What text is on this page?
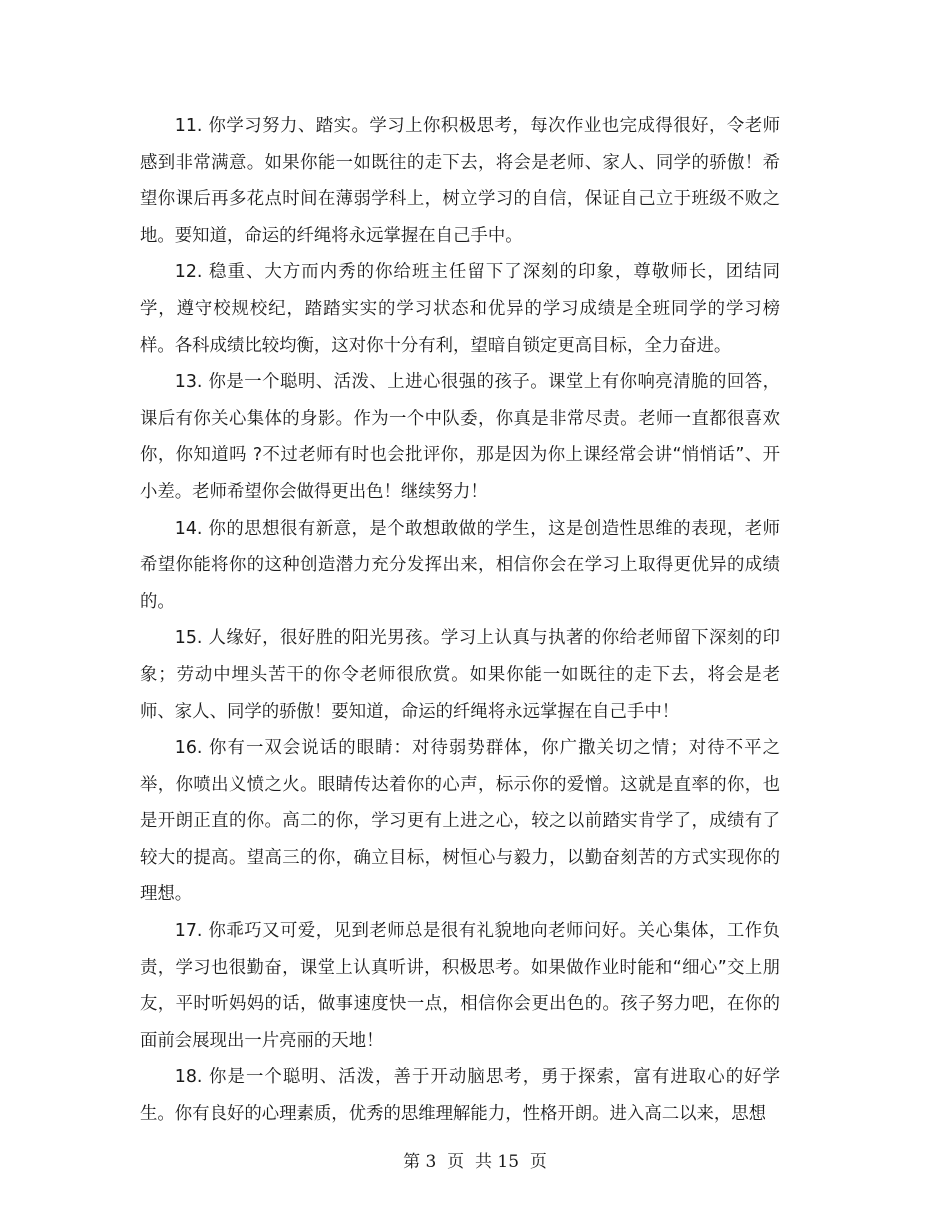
11. 你学习努力、踏实。学习上你积极思考，每次作业也完成得很好，令老师感到非常满意。如果你能一如既往的走下去，将会是老师、家人、同学的骄傲！希望你课后再多花点时间在薄弱学科上，树立学习的自信，保证自己立于班级不败之地。要知道，命运的纤绳将永远掌握在自己手中。

12. 稳重、大方而内秀的你给班主任留下了深刻的印象，尊敬师长，团结同学，遵守校规校纪，踏踏实实的学习状态和优异的学习成绩是全班同学的学习榜样。各科成绩比较均衡，这对你十分有利，望暗自锁定更高目标，全力奋进。

13. 你是一个聪明、活泼、上进心很强的孩子。课堂上有你响亮清脆的回答，课后有你关心集体的身影。作为一个中队委，你真是非常尽责。老师一直都很喜欢你，你知道吗 ?不过老师有时也会批评你，那是因为你上课经常会讲“悄悄话”、开小差。老师希望你会做得更出色！继续努力！

14. 你的思想很有新意，是个敢想敢做的学生，这是创造性思维的表现，老师希望你能将你的这种创造潜力充分发挥出来，相信你会在学习上取得更优异的成绩的。

15. 人缘好，很好胜的阳光男孩。学习上认真与执著的你给老师留下深刻的印象；劳动中埋头苦干的你令老师很欣赏。如果你能一如既往的走下去，将会是老师、家人、同学的骄傲！要知道，命运的纤绳将永远掌握在自己手中！

16. 你有一双会说话的眼睛：对待弱势群体，你广撒关切之情；对待不平之举，你喷出义愤之火。眼睛传达着你的心声，标示你的爱憎。这就是直率的你，也是开朗正直的你。高二的你，学习更有上进之心，较之以前踏实肯学了，成绩有了较大的提高。望高三的你，确立目标，树恒心与毅力，以勤奋刻苦的方式实现你的理想。

17. 你乖巧又可爱，见到老师总是很有礼貌地向老师问好。关心集体，工作负责，学习也很勤奋，课堂上认真听讲，积极思考。如果做作业时能和“细心”交上朋友，平时听妈妈的话，做事速度快一点，相信你会更出色的。孩子努力吧，在你的面前会展现出一片亮丽的天地！

18. 你是一个聪明、活泼，善于开动脑思考，勇于探索，富有进取心的好学生。你有良好的心理素质，优秀的思维理解能力，性格开朗。进入高二以来，思想

第 3  页  共 15  页
